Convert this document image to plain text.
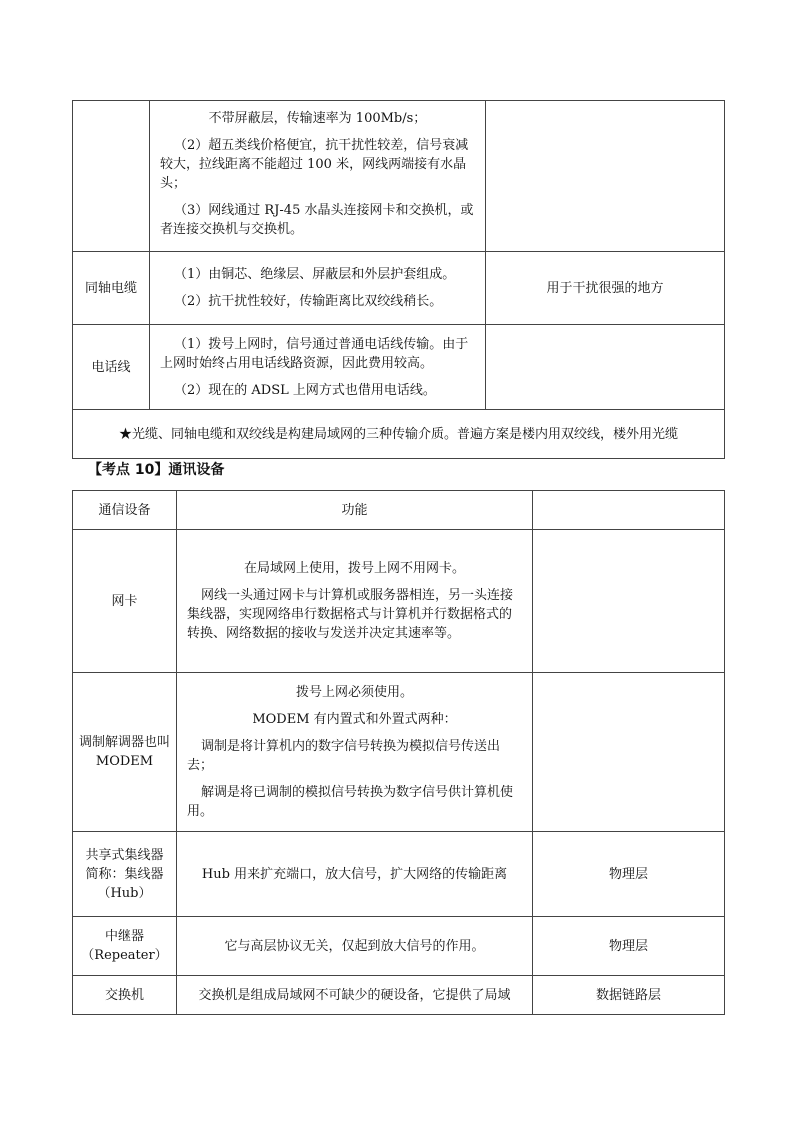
	不带屏蔽层，传输速率为 100Mb/s；
（2）超五类线价格便宜，抗干扰性较差，信号衰减较大，拉线距离不能超过 100 米，网线两端接有水晶头；
（3）网线通过 RJ-45 水晶头连接网卡和交换机，或者连接交换机与交换机。	

同轴电缆	（1）由铜芯、绝缘层、屏蔽层和外层护套组成。
（2）抗干扰性较好，传输距离比双绞线稍长。	用于干扰很强的地方
电话线	（1）拨号上网时，信号通过普通电话线传输。由于上网时始终占用电话线路资源，因此费用较高。
（2）现在的 ADSL 上网方式也借用电话线。	

★光缆、同轴电缆和双绞线是构建局域网的三种传输介质。普遍方案是楼内用双绞线，楼外用光缆		
【考点 10】通讯设备
通信设备	功能	
网卡	在局域网上使用，拨号上网不用网卡。
网线一头通过网卡与计算机或服务器相连，另一头连接集线器，实现网络串行数据格式与计算机并行数据格式的转换、网络数据的接收与发送并决定其速率等。	

调制解调器也叫 MODEM	拨号上网必须使用。
MODEM 有内置式和外置式两种：
调制是将计算机内的数字信号转换为模拟信号传送出去；
解调是将已调制的模拟信号转换为数字信号供计算机使用。	

共享式集线器
简称：集线器
（Hub）	Hub 用来扩充端口，放大信号，扩大网络的传输距离	物理层

中继器
（Repeater）	它与高层协议无关，仅起到放大信号的作用。	物理层
交换机	交换机是组成局域网不可缺少的硬设备，它提供了局域	数据链路层
